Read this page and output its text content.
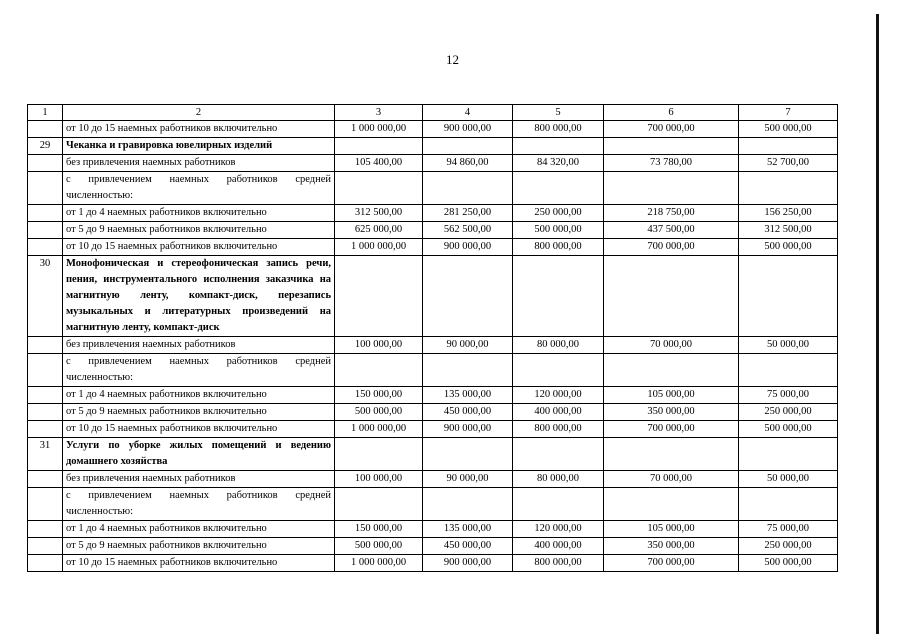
12
1	2	3	4	5	6	7
	от 10 до 15 наемных работников включительно	1 000 000,00	900 000,00	800 000,00	700 000,00	500 000,00
29	Чеканка и гравировка ювелирных изделий					
	без привлечения наемных работников	105 400,00	94 860,00	84 320,00	73 780,00	52 700,00
	с привлечением наемных работников средней численностью:					
	от 1 до 4 наемных работников включительно	312 500,00	281 250,00	250 000,00	218 750,00	156 250,00
	от 5 до 9 наемных работников включительно	625 000,00	562 500,00	500 000,00	437 500,00	312 500,00
	от 10 до 15 наемных работников включительно	1 000 000,00	900 000,00	800 000,00	700 000,00	500 000,00
30	Монофоническая и стереофоническая запись речи, пения, инструментального исполнения заказчика на магнитную ленту, компакт-диск, перезапись музыкальных и литературных произведений на магнитную ленту, компакт-диск					
	без привлечения наемных работников	100 000,00	90 000,00	80 000,00	70 000,00	50 000,00
	с привлечением наемных работников средней численностью:					
	от 1 до 4 наемных работников включительно	150 000,00	135 000,00	120 000,00	105 000,00	75 000,00
	от 5 до 9 наемных работников включительно	500 000,00	450 000,00	400 000,00	350 000,00	250 000,00
	от 10 до 15 наемных работников включительно	1 000 000,00	900 000,00	800 000,00	700 000,00	500 000,00
31	Услуги по уборке жилых помещений и ведению домашнего хозяйства					
	без привлечения наемных работников	100 000,00	90 000,00	80 000,00	70 000,00	50 000,00
	с привлечением наемных работников средней численностью:					
	от 1 до 4 наемных работников включительно	150 000,00	135 000,00	120 000,00	105 000,00	75 000,00
	от 5 до 9 наемных работников включительно	500 000,00	450 000,00	400 000,00	350 000,00	250 000,00
	от 10 до 15 наемных работников включительно	1 000 000,00	900 000,00	800 000,00	700 000,00	500 000,00
